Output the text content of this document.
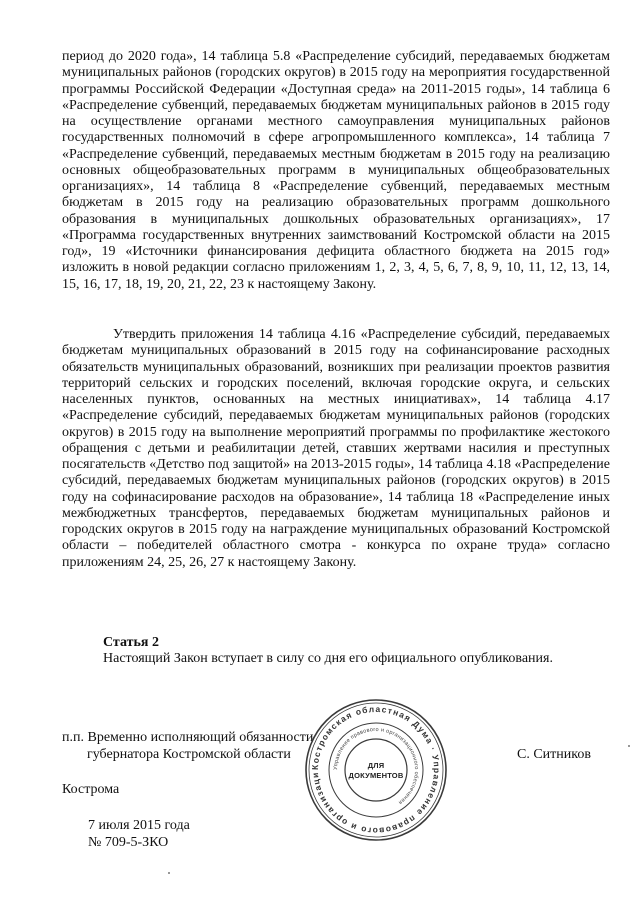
период до 2020 года», 14 таблица 5.8 «Распределение субсидий, передаваемых бюджетам муниципальных районов (городских округов) в 2015 году на мероприятия государственной программы Российской Федерации «Доступная среда» на 2011-2015 годы», 14 таблица 6 «Распределение субвенций, передаваемых бюджетам муниципальных районов в 2015 году на осуществление органами местного самоуправления муниципальных районов государственных полномочий в сфере агропромышленного комплекса», 14 таблица 7 «Распределение субвенций, передаваемых местным бюджетам в 2015 году на реализацию основных общеобразовательных программ в муниципальных общеобразовательных организациях», 14 таблица 8 «Распределение субвенций, передаваемых местным бюджетам в 2015 году на реализацию образовательных программ дошкольного образования в муниципальных дошкольных образовательных организациях», 17 «Программа государственных внутренних заимствований Костромской области на 2015 год», 19 «Источники финансирования дефицита областного бюджета на 2015 год» изложить в новой редакции согласно приложениям 1, 2, 3, 4, 5, 6, 7, 8, 9, 10, 11, 12, 13, 14, 15, 16, 17, 18, 19, 20, 21, 22, 23 к настоящему Закону.

Утвердить приложения 14 таблица 4.16 «Распределение субсидий, передаваемых бюджетам муниципальных образований в 2015 году на софинансирование расходных обязательств муниципальных образований, возникших при реализации проектов развития территорий сельских и городских поселений, включая городские округа, и сельских населенных пунктов, основанных на местных инициативах», 14 таблица 4.17 «Распределение субсидий, передаваемых бюджетам муниципальных районов (городских округов) в 2015 году на выполнение мероприятий программы по профилактике жестокого обращения с детьми и реабилитации детей, ставших жертвами насилия и преступных посягательств «Детство под защитой» на 2013-2015 годы», 14 таблица 4.18 «Распределение субсидий, передаваемых бюджетам муниципальных районов (городских округов) в 2015 году на софинасирование расходов на образование», 14 таблица 18 «Распределение иных межбюджетных трансфертов, передаваемых бюджетам муниципальных районов и городских округов в 2015 году на награждение муниципальных образований Костромской области – победителей областного смотра - конкурса по охране труда» согласно приложениям 24, 25, 26, 27 к настоящему Закону.

Статья 2

Настоящий Закон вступает в силу со дня его официального опубликования.

п.п. Временно исполняющий обязанности
губернатора Костромской области	С. Ситников
Кострома
7 июля 2015 года
№ 709-5-ЗКО
Костромская областная Дума · Управление правового и организаци
Управление правового и организационного обеспечения
ДЛЯ
ДОКУМЕНТОВ
